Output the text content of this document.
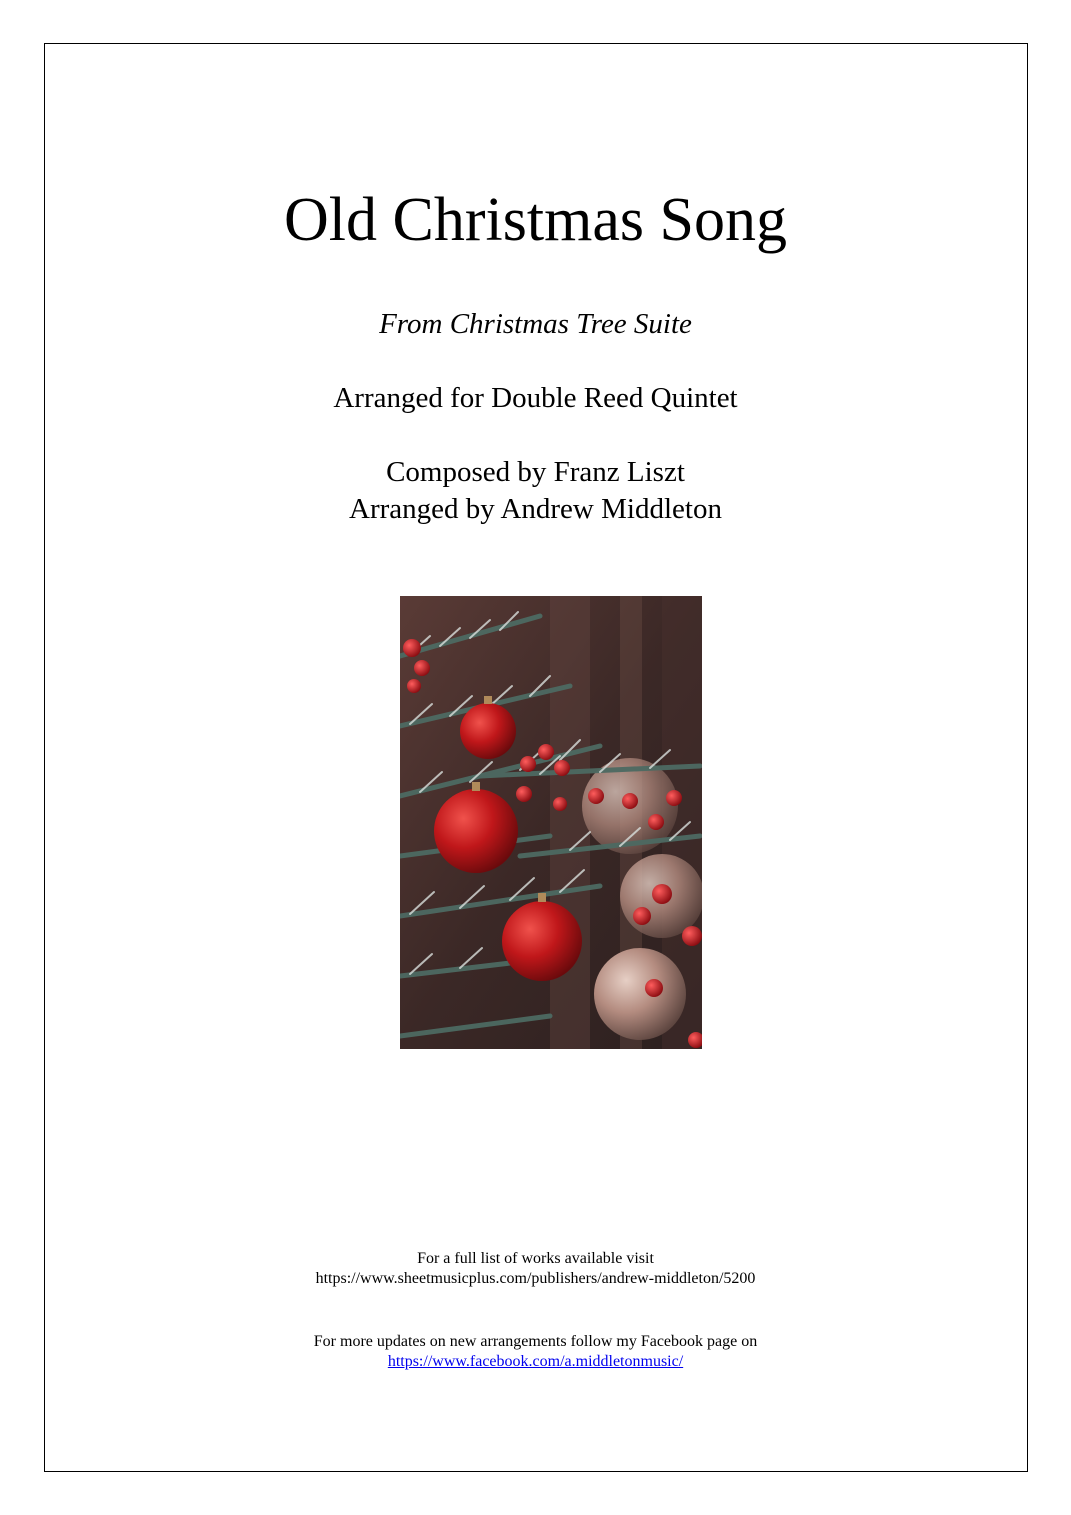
Old Christmas Song
From Christmas Tree Suite
Arranged for Double Reed Quintet
Composed by Franz Liszt
Arranged by Andrew Middleton
For a full list of works available visit
https://www.sheetmusicplus.com/publishers/andrew-middleton/5200
For more updates on new arrangements follow my Facebook page on
https://www.facebook.com/a.middletonmusic/
